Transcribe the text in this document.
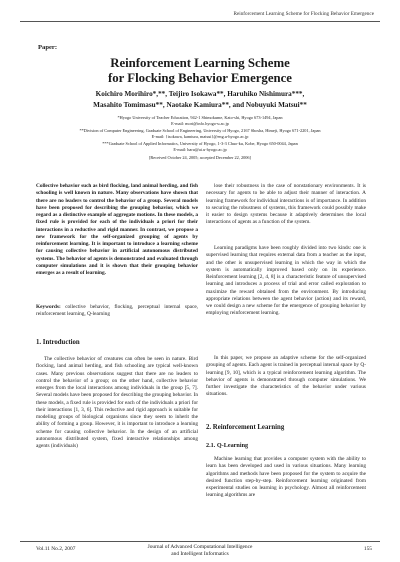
Reinforcement Learning Scheme for Flocking Behavior Emergence
Paper:
Reinforcement Learning Scheme
for Flocking Behavior Emergence
Koichiro Morihiro*,**, Teijiro Isokawa**, Haruhiko Nishimura***,
Masahito Tomimasu**, Naotake Kamiura**, and Nobuyuki Matsui**
*Hyogo University of Teacher Education, 942-1 Shimokume, Kato-shi, Hyogo 673-1494, Japan
E-mail: mori@info.hyogo-u.ac.jp
**Division of Computer Engineering, Graduate School of Engineering, University of Hyogo, 2167 Shosha, Himeji, Hyogo 671-2201, Japan
E-mail: {isokawa, kamiura, matsui}@eng.u-hyogo.ac.jp
***Graduate School of Applied Informatics, University of Hyogo, 1-3-3 Chuo-ku, Kobe, Hyogo 650-0044, Japan
E-mail: haru@ai.u-hyogo.ac.jp
[Received October 24, 2005; accepted December 22, 2006]
Collective behavior such as bird flocking, land animal herding, and fish schooling is well known in nature. Many observations have shown that there are no leaders to control the behavior of a group. Several models have been proposed for describing the grouping behavior, which we regard as a distinctive example of aggregate motions. In these models, a fixed rule is provided for each of the individuals a priori for their interactions in a reductive and rigid manner. In contrast, we propose a new framework for the self-organized grouping of agents by reinforcement learning. It is important to introduce a learning scheme for causing collective behavior in artificial autonomous distributed systems. The behavior of agents is demonstrated and evaluated through computer simulations and it is shown that their grouping behavior emerges as a result of learning.
Keywords: collective behavior, flocking, perceptual internal space, reinforcement learning, Q-learning
1. Introduction

The collective behavior of creatures can often be seen in nature. Bird flocking, land animal herding, and fish schooling are typical well-known cases. Many previous observations suggest that there are no leaders to control the behavior of a group; on the other hand, collective behavior emerges from the local interactions among individuals in the group [5, 7]. Several models have been proposed for describing the grouping behavior. In these models, a fixed rule is provided for each of the individuals a priori for their interactions [1, 3, 6]. This reductive and rigid approach is suitable for modeling groups of biological organisms since they seem to inherit the ability of forming a group. However, it is important to introduce a learning scheme for causing collective behavior. In the design of an artificial autonomous distributed system, fixed interactive relationships among agents (individuals)

lose their robustness in the case of nonstationary environments. It is necessary for agents to be able to adjust their manner of interaction. A learning framework for individual interactions is of importance. In addition to securing the robustness of systems, this framework could possibly make it easier to design systems because it adaptively determines the local interactions of agents as a function of the system.

Learning paradigms have been roughly divided into two kinds: one is supervised learning that requires external data from a teacher as the input, and the other is unsupervised learning in which the way in which the system is automatically improved based only on its experience. Reinforcement learning [2, 4, 8] is a characteristic feature of unsupervised learning and introduces a process of trial and error called exploration to maximize the reward obtained from the environment. By introducing appropriate relations between the agent behavior (action) and its reward, we could design a new scheme for the emergence of grouping behavior by employing reinforcement learning.

In this paper, we propose an adaptive scheme for the self-organized grouping of agents. Each agent is trained in perceptual internal space by Q-learning [9, 10], which is a typical reinforcement learning algorithm. The behavior of agents is demonstrated through computer simulations. We further investigate the characteristics of the behavior under various situations.

2. Reinforcement Learning
2.1. Q-Learning

Machine learning that provides a computer system with the ability to learn has been developed and used in various situations. Many learning algorithms and methods have been proposed for the system to acquire the desired function step-by-step. Reinforcement learning originated from experimental studies on learning in psychology. Almost all reinforcement learning algorithms are

Vol.11 No.2, 2007	Journal of Advanced Computational Intelligence
and Intelligent Informatics
155
